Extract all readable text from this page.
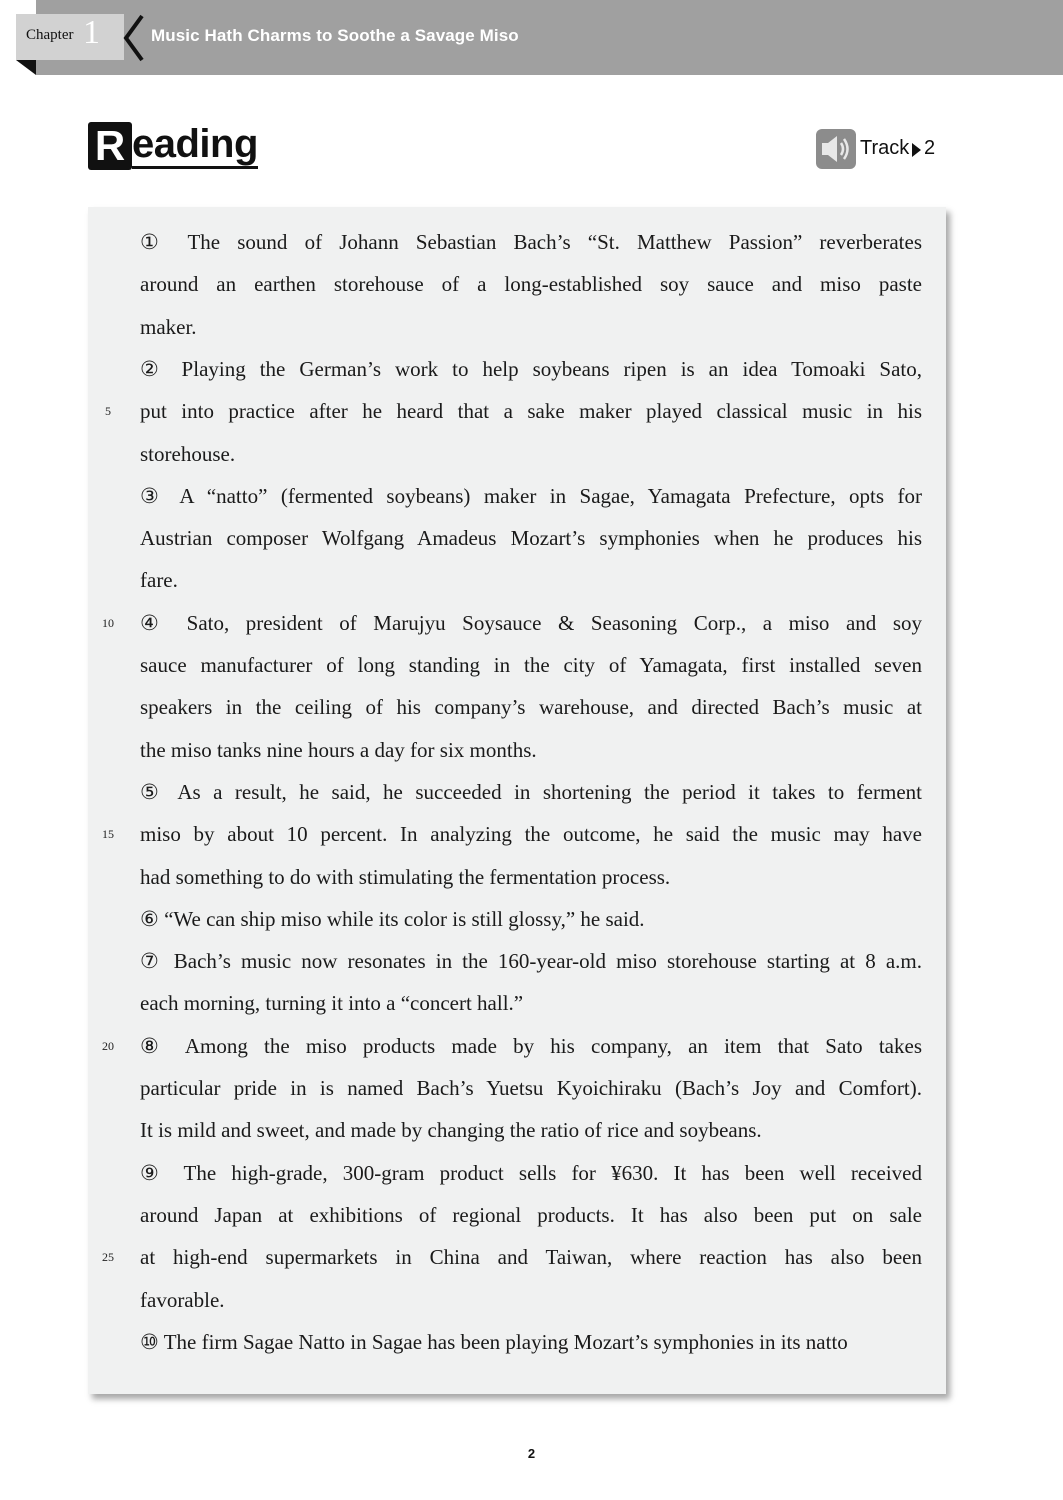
Chapter 1	Music Hath Charms to Soothe a Savage Miso
R eading	Track 2
① The sound of Johann Sebastian Bach’s “St. Matthew Passion” reverberates
around an earthen storehouse of a long-established soy sauce and miso paste
maker.
② Playing the German’s work to help soybeans ripen is an idea Tomoaki Sato,
put into practice after he heard that a sake maker played classical music in his
storehouse.
③ A “natto” (fermented soybeans) maker in Sagae, Yamagata Prefecture, opts for
Austrian composer Wolfgang Amadeus Mozart’s symphonies when he produces his
fare.
④ Sato, president of Marujyu Soysauce & Seasoning Corp., a miso and soy
sauce manufacturer of long standing in the city of Yamagata, first installed seven
speakers in the ceiling of his company’s warehouse, and directed Bach’s music at
the miso tanks nine hours a day for six months.
⑤ As a result, he said, he succeeded in shortening the period it takes to ferment
miso by about 10 percent. In analyzing the outcome, he said the music may have
had something to do with stimulating the fermentation process.
⑥ “We can ship miso while its color is still glossy,” he said.
⑦ Bach’s music now resonates in the 160-year-old miso storehouse starting at 8 a.m.
each morning, turning it into a “concert hall.”
⑧ Among the miso products made by his company, an item that Sato takes
particular pride in is named Bach’s Yuetsu Kyoichiraku (Bach’s Joy and Comfort).
It is mild and sweet, and made by changing the ratio of rice and soybeans.
⑨ The high-grade, 300-gram product sells for ¥630. It has been well received
around Japan at exhibitions of regional products. It has also been put on sale
at high-end supermarkets in China and Taiwan, where reaction has also been
favorable.
⑩ The firm Sagae Natto in Sagae has been playing Mozart’s symphonies in its natto
5
10
15
20
25
2
